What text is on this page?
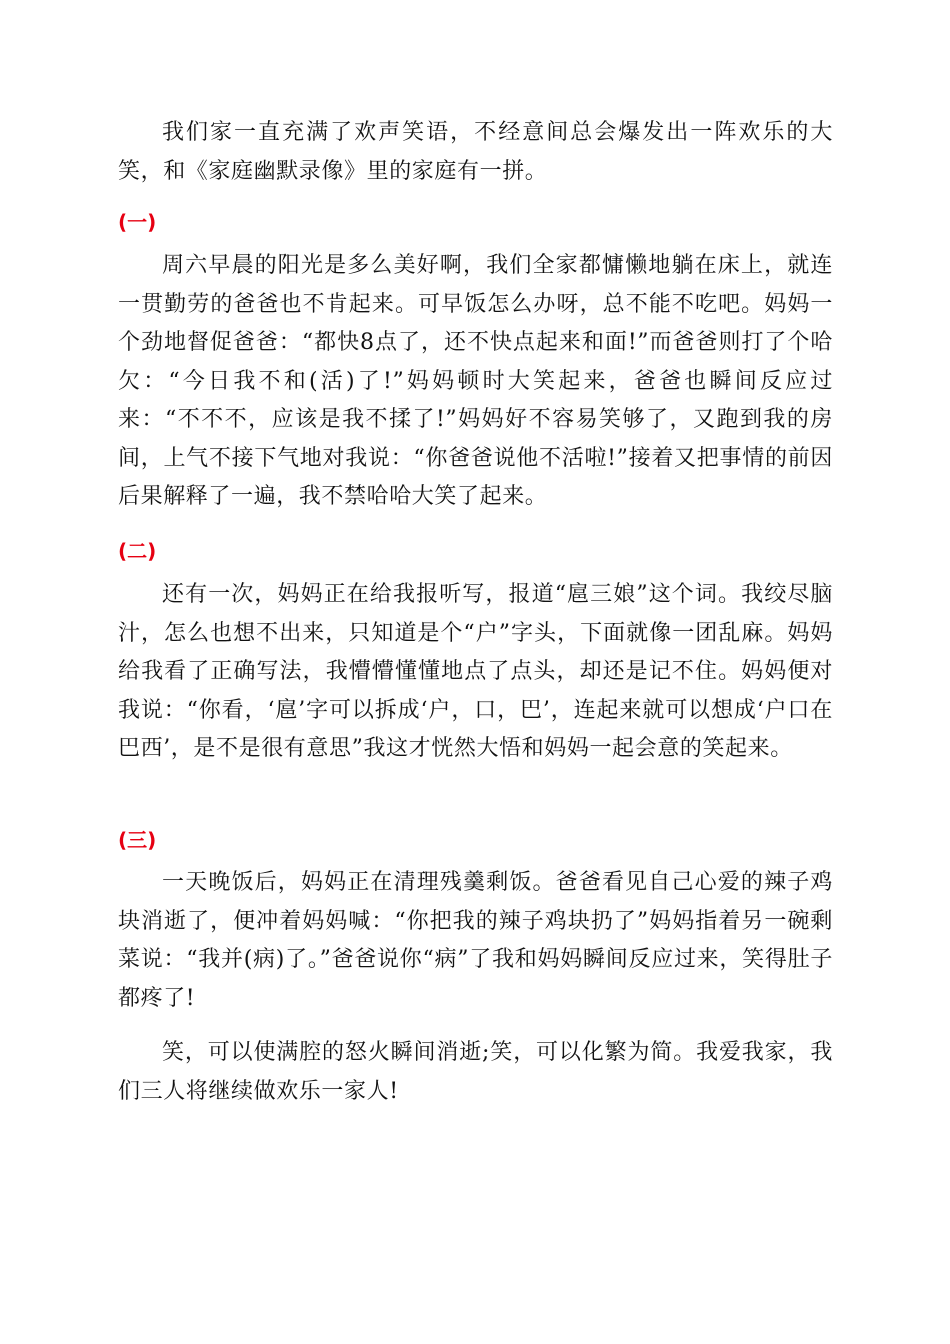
我们家一直充满了欢声笑语，不经意间总会爆发出一阵欢乐的大笑，和《家庭幽默录像》里的家庭有一拼。

(一)

周六早晨的阳光是多么美好啊，我们全家都慵懒地躺在床上，就连一贯勤劳的爸爸也不肯起来。可早饭怎么办呀，总不能不吃吧。妈妈一个劲地督促爸爸：“都快8点了，还不快点起来和面!”而爸爸则打了个哈欠：“今日我不和(活)了!”妈妈顿时大笑起来，爸爸也瞬间反应过来：“不不不，应该是我不揉了!”妈妈好不容易笑够了，又跑到我的房间，上气不接下气地对我说：“你爸爸说他不活啦!”接着又把事情的前因后果解释了一遍，我不禁哈哈大笑了起来。

(二)

还有一次，妈妈正在给我报听写，报道“扈三娘”这个词。我绞尽脑汁，怎么也想不出来，只知道是个“户”字头，下面就像一团乱麻。妈妈给我看了正确写法，我懵懵懂懂地点了点头，却还是记不住。妈妈便对我说：“你看，‘扈’字可以拆成‘户，口，巴’，连起来就可以想成‘户口在巴西’，是不是很有意思”我这才恍然大悟和妈妈一起会意的笑起来。

(三)

一天晚饭后，妈妈正在清理残羹剩饭。爸爸看见自己心爱的辣子鸡块消逝了，便冲着妈妈喊：“你把我的辣子鸡块扔了”妈妈指着另一碗剩菜说：“我并(病)了。”爸爸说你“病”了我和妈妈瞬间反应过来，笑得肚子都疼了!

笑，可以使满腔的怒火瞬间消逝;笑，可以化繁为简。我爱我家，我们三人将继续做欢乐一家人!
